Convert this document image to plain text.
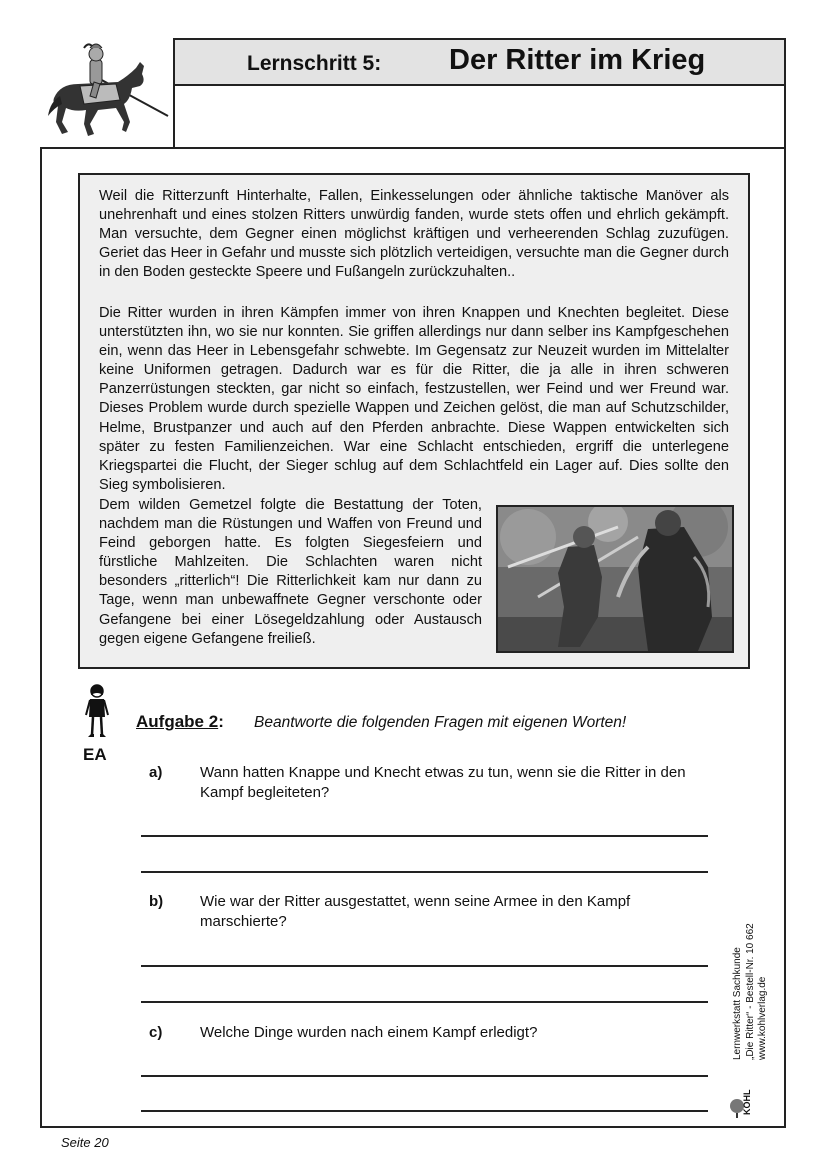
Lernschritt 5: Der Ritter im Krieg

Weil die Ritterzunft Hinterhalte, Fallen, Einkesselungen oder ähnliche taktische Manöver als unehrenhaft und eines stolzen Ritters unwürdig fanden, wurde stets offen und ehrlich gekämpft. Man versuchte, dem Gegner einen möglichst kräftigen und verheerenden Schlag zuzufügen. Geriet das Heer in Gefahr und musste sich plötzlich verteidigen, versuchte man die Gegner durch in den Boden gesteckte Speere und Fußangeln zurückzuhalten..

Die Ritter wurden in ihren Kämpfen immer von ihren Knappen und Knechten begleitet. Diese unterstützten ihn, wo sie nur konnten. Sie griffen allerdings nur dann selber ins Kampfgeschehen ein, wenn das Heer in Lebensgefahr schwebte. Im Gegensatz zur Neuzeit wurden im Mittelalter keine Uniformen getragen. Dadurch war es für die Ritter, die ja alle in ihren schweren Panzerrüstungen steckten, gar nicht so einfach, festzustellen, wer Feind und wer Freund war. Dieses Problem wurde durch spezielle Wappen und Zeichen gelöst, die man auf Schutzschilder, Helme, Brustpanzer und auch auf den Pferden anbrachte. Diese Wappen entwickelten sich später zu festen Familienzeichen. War eine Schlacht entschieden, ergriff die unterlegene Kriegspartei die Flucht, der Sieger schlug auf dem Schlachtfeld ein Lager auf. Dies sollte den Sieg symbolisieren.

Dem wilden Gemetzel folgte die Bestattung der Toten, nachdem man die Rüstungen und Waffen von Freund und Feind geborgen hatte. Es folgten Siegesfeiern und fürstliche Mahlzeiten. Die Schlachten waren nicht besonders „ritterlich“! Die Ritterlichkeit kam nur dann zu Tage, wenn man unbewaffnete Gegner verschonte oder Gefangene bei einer Lösegeldzahlung oder Austausch gegen eigene Gefangene freiließ.

EA
Aufgabe 2: Beantworte die folgenden Fragen mit eigenen Worten!
a)	Wann hatten Knappe und Knecht etwas zu tun, wenn sie die Ritter in den Kampf begleiteten?
b) Wie war der Ritter ausgestattet, wenn seine Armee in den Kampf marschierte?
c)	Welche Dinge wurden nach einem Kampf erledigt?	Lernwerkstatt Sachkunde „Die Ritter“ - Bestell-Nr. 10 662 www.kohlverlag.de
KOHL
Seite 20
